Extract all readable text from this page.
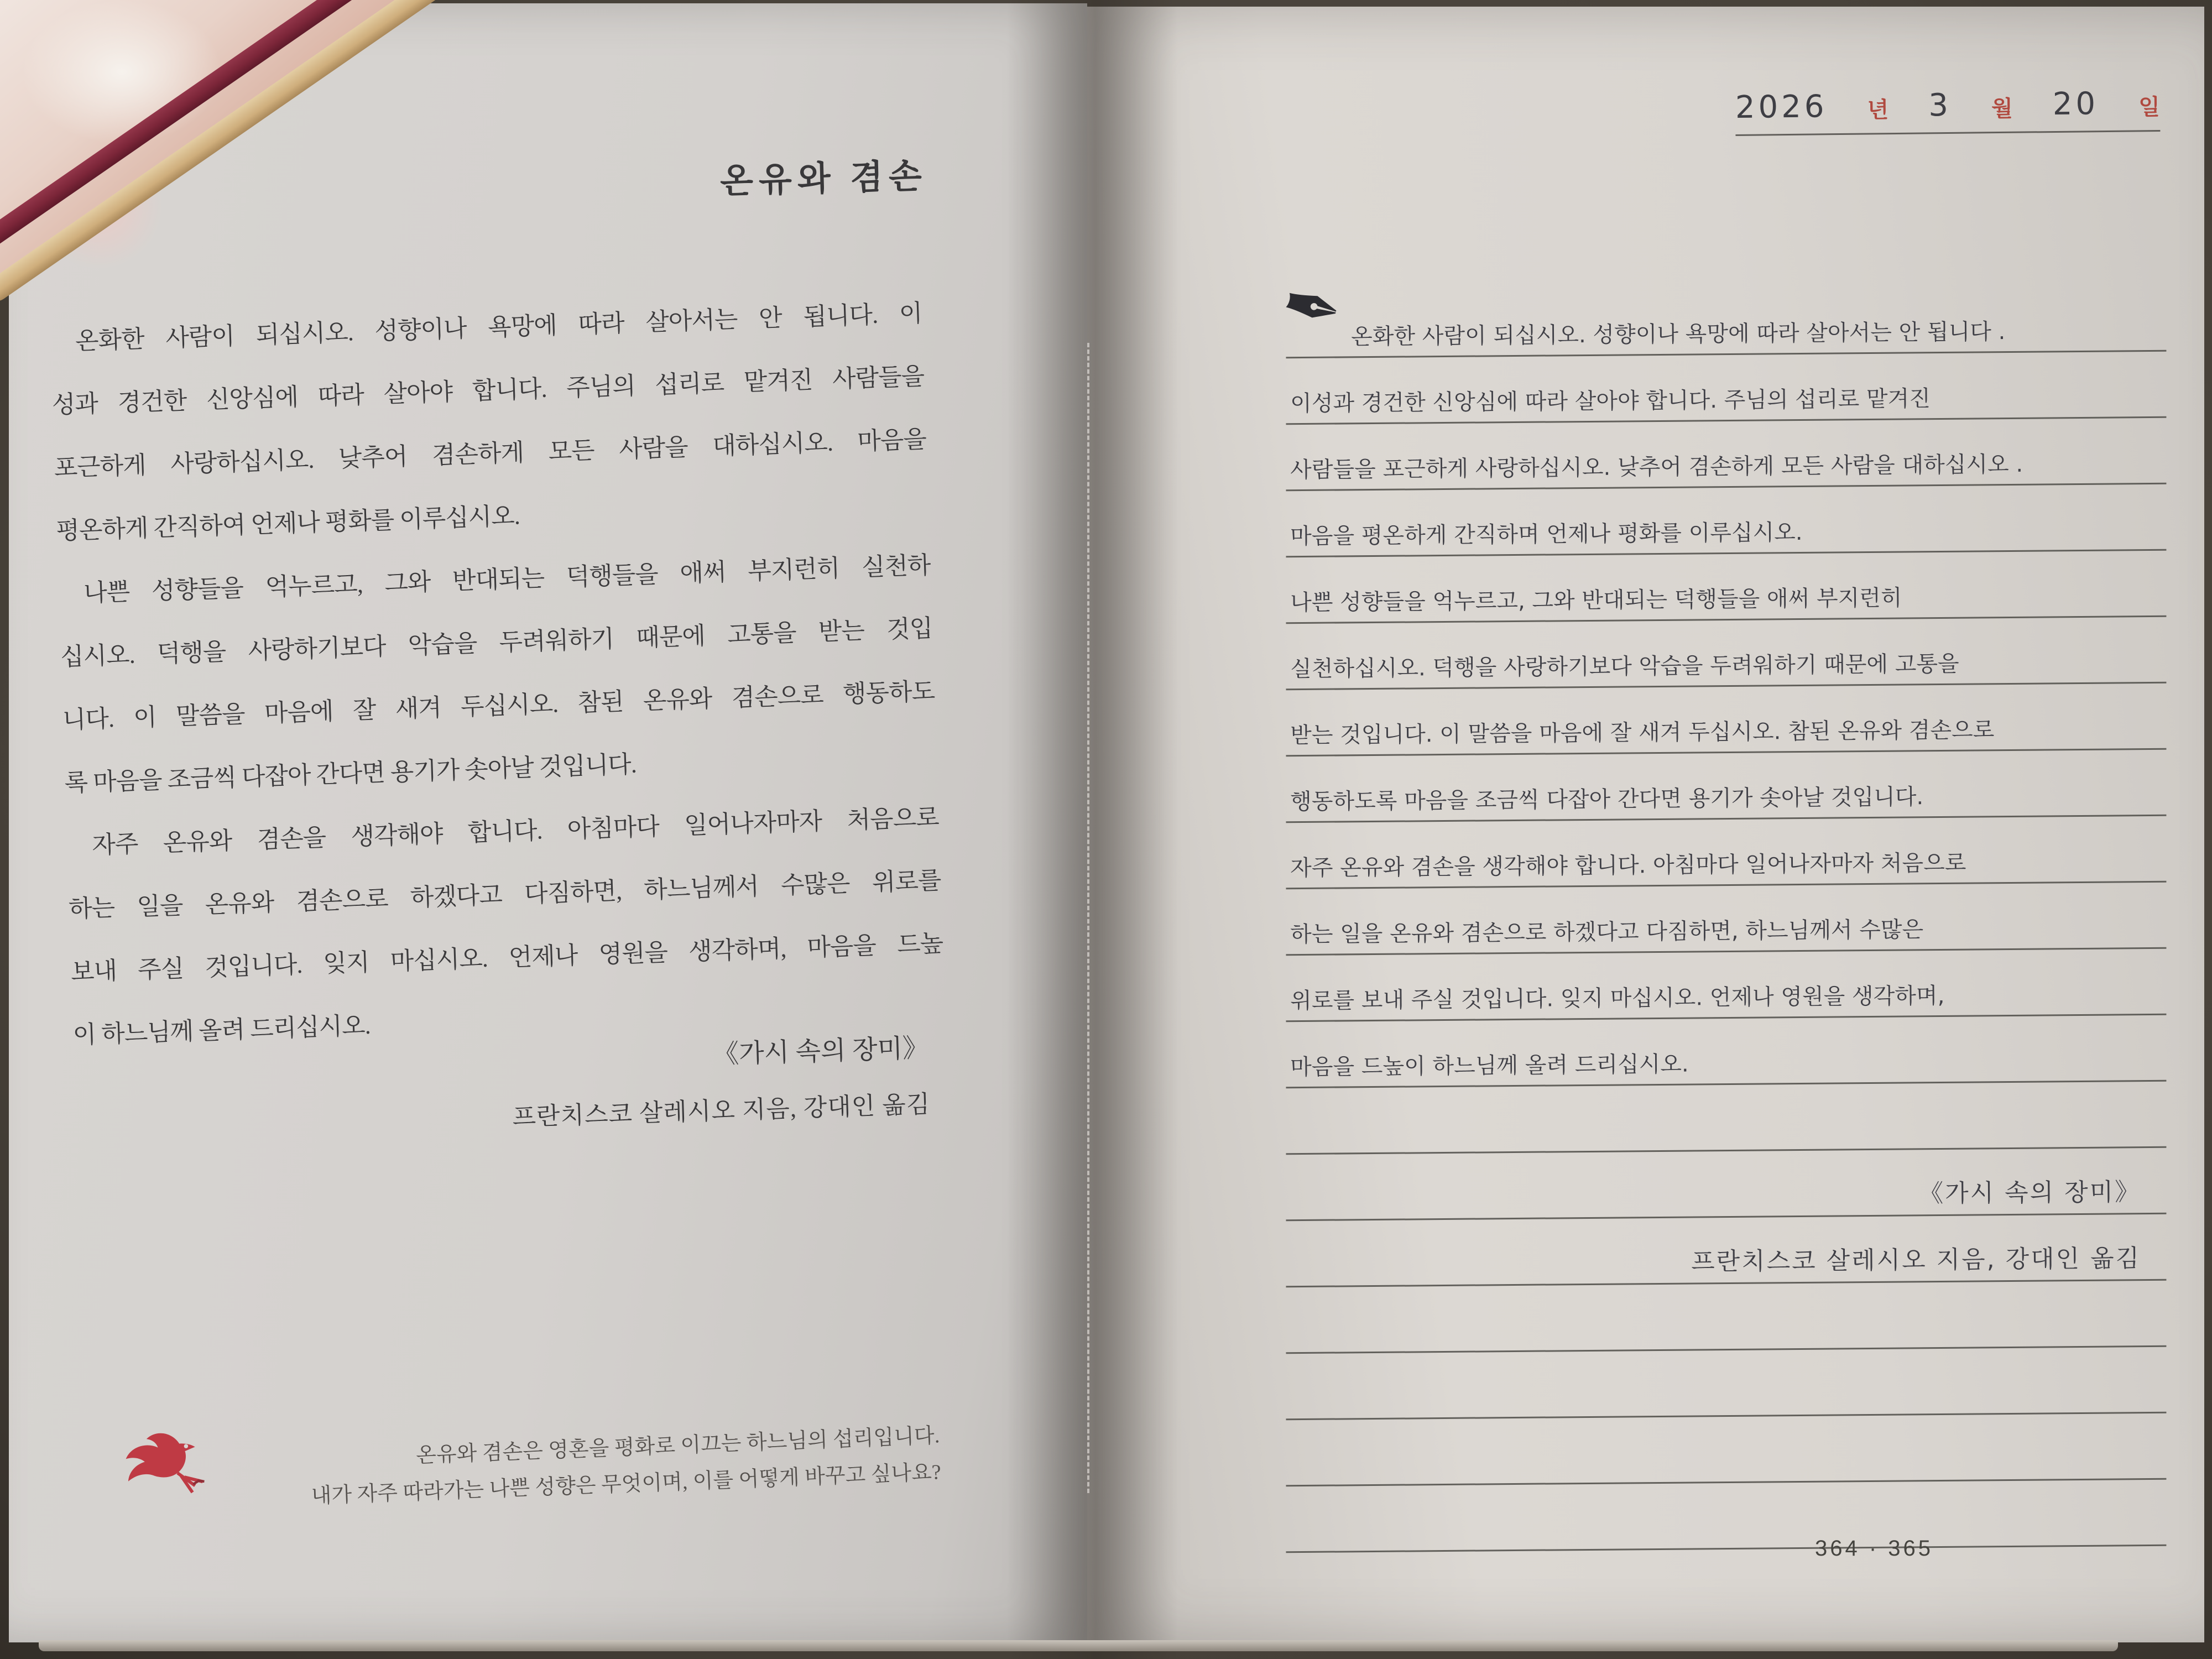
온유와 겸손
온화한 사람이 되십시오. 성향이나 욕망에 따라 살아서는 안 됩니다. 이
성과 경건한 신앙심에 따라 살아야 합니다. 주님의 섭리로 맡겨진 사람들을
포근하게 사랑하십시오. 낮추어 겸손하게 모든 사람을 대하십시오. 마음을
평온하게 간직하여 언제나 평화를 이루십시오.
나쁜 성향들을 억누르고, 그와 반대되는 덕행들을 애써 부지런히 실천하
십시오. 덕행을 사랑하기보다 악습을 두려워하기 때문에 고통을 받는 것입
니다. 이 말씀을 마음에 잘 새겨 두십시오. 참된 온유와 겸손으로 행동하도
록 마음을 조금씩 다잡아 간다면 용기가 솟아날 것입니다.
자주 온유와 겸손을 생각해야 합니다. 아침마다 일어나자마자 처음으로
하는 일을 온유와 겸손으로 하겠다고 다짐하면, 하느님께서 수많은 위로를
보내 주실 것입니다. 잊지 마십시오. 언제나 영원을 생각하며, 마음을 드높
이 하느님께 올려 드리십시오.
《가시 속의 장미》
프란치스코 살레시오 지음, 강대인 옮김
온유와 겸손은 영혼을 평화로 이끄는 하느님의 섭리입니다.
내가 자주 따라가는 나쁜 성향은 무엇이며, 이를 어떻게 바꾸고 싶나요?
2026 년 3 월 20 일
✒ 온화한 사람이 되십시오. 성향이나 욕망에 따라 살아서는 안 됩니다 .
이성과 경건한 신앙심에 따라 살아야 합니다. 주님의 섭리로 맡겨진
사람들을 포근하게 사랑하십시오. 낮추어 겸손하게 모든 사람을 대하십시오 .
마음을 평온하게 간직하며 언제나 평화를 이루십시오.
나쁜 성향들을 억누르고, 그와 반대되는 덕행들을 애써 부지런히
실천하십시오. 덕행을 사랑하기보다 악습을 두려워하기 때문에 고통을
받는 것입니다. 이 말씀을 마음에 잘 새겨 두십시오. 참된 온유와 겸손으로
행동하도록 마음을 조금씩 다잡아 간다면 용기가 솟아날 것입니다.
자주 온유와 겸손을 생각해야 합니다. 아침마다 일어나자마자 처음으로
하는 일을 온유와 겸손으로 하겠다고 다짐하면, 하느님께서 수많은
위로를 보내 주실 것입니다. 잊지 마십시오. 언제나 영원을 생각하며,
마음을 드높이 하느님께 올려 드리십시오.
《가시 속의 장미》
프란치스코 살레시오 지음, 강대인 옮김
364 · 365
